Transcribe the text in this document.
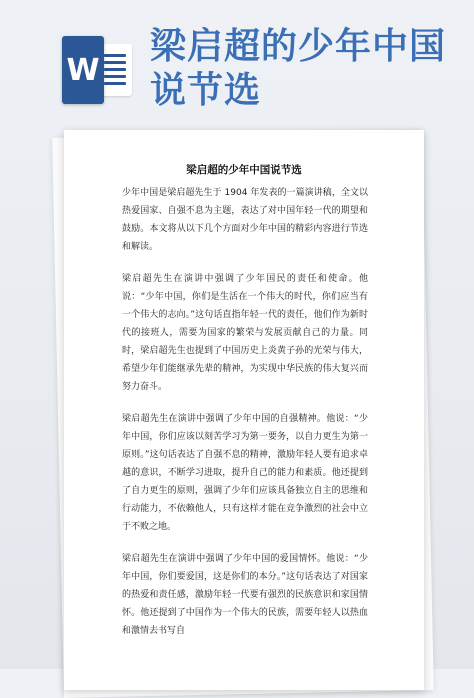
W
梁启超的少年中国说节选
梁启超的少年中国说节选

少年中国是梁启超先生于 1904 年发表的一篇演讲稿，全文以热爱国家、自强不息为主题，表达了对中国年轻一代的期望和鼓励。本文将从以下几个方面对少年中国的精彩内容进行节选和解读。

梁启超先生在演讲中强调了少年国民的责任和使命。他说：“少年中国，你们是生活在一个伟大的时代，你们应当有一个伟大的志向。”这句话直指年轻一代的责任，他们作为新时代的接班人，需要为国家的繁荣与发展贡献自己的力量。同时，梁启超先生也提到了中国历史上炎黄子孙的光荣与伟大，希望少年们能继承先辈的精神，为实现中华民族的伟大复兴而努力奋斗。

梁启超先生在演讲中强调了少年中国的自强精神。他说：“少年中国，你们应该以刻苦学习为第一要务，以自力更生为第一原则。”这句话表达了自强不息的精神，激励年轻人要有追求卓越的意识，不断学习进取，提升自己的能力和素质。他还提到了自力更生的原则，强调了少年们应该具备独立自主的思维和行动能力，不依赖他人，只有这样才能在竞争激烈的社会中立于不败之地。

梁启超先生在演讲中强调了少年中国的爱国情怀。他说：“少年中国，你们要爱国，这是你们的本分。”这句话表达了对国家的热爱和责任感，激励年轻一代要有强烈的民族意识和家国情怀。他还提到了中国作为一个伟大的民族，需要年轻人以热血和激情去书写自
